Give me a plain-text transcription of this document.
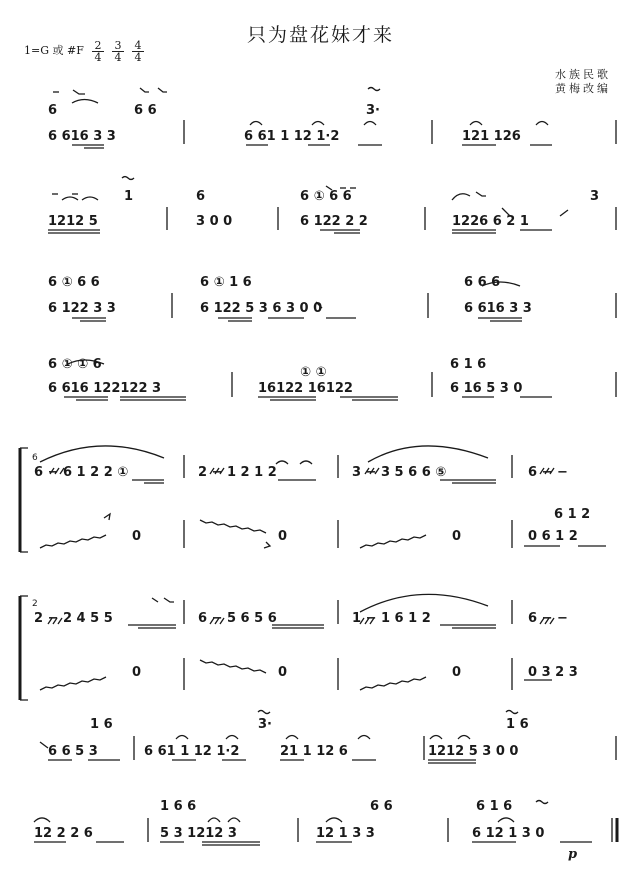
只为盘花妹才来
1=G 或 #F $\frac{2}{4} \frac{3}{4} \frac{4}{4}$
水族民歌
黄梅改编
6	6 6	3·
6 616 3 3	6 61 1 12 1·2	121 126
1	6	6 ① 6 6	3
1212 5	3 0 0	6 122 2 2	1226 6 2 1
6 ① 6 6	6 ① 1 6	6 6 6
6 122 3 3	6 122 5 3 6 3 0 0	6 616 3 3
6 ① ① 6
① ①
6 1 6
6 616 122122 3	16122 16122	6 16 5 3 0
6
6 − 6 1 2 2 ①	2 − 1 2 1 2	3 − 3 5 6 6 ⑤	6 − −
0	0	0	0 6 1 2
6 1 2
2
2 − 2 4 5 5	6 − 5 6 5 6	1 − 1 6 1 2	6 − −
0	0	0	0 3 2 3
1 6	3·	1 6
6 6 5 3	6 61 1 12 1·2	21 1 12 6	1212 5 3 0 0
1 6 6	6 6	6 1 6
12 2 2 6	5 3 1212 3	12 1 3 3	6 12 1 3 0
p
